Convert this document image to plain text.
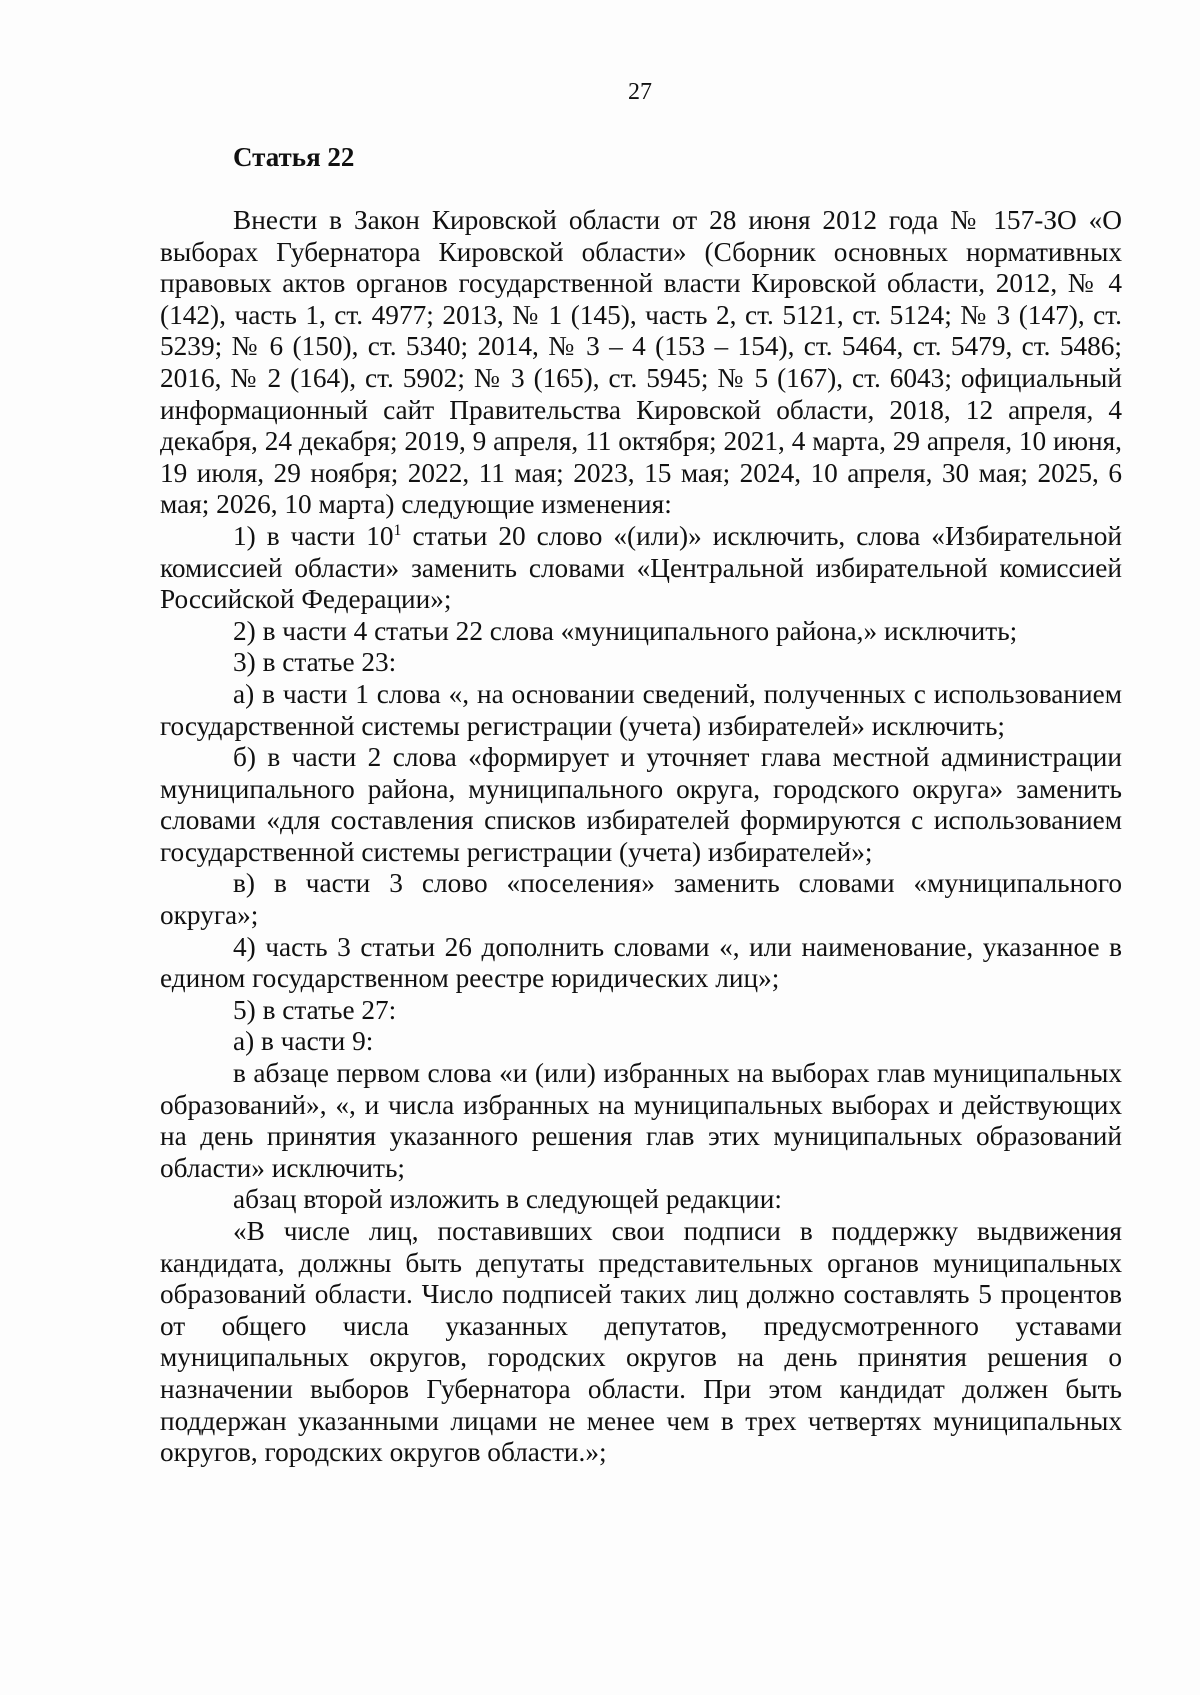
27
Статья 22

Внести в Закон Кировской области от 28 июня 2012 года № 157-ЗО «О выборах Губернатора Кировской области» (Сборник основных нормативных правовых актов органов государственной власти Кировской области, 2012, № 4 (142), часть 1, ст. 4977; 2013, № 1 (145), часть 2, ст. 5121, ст. 5124; № 3 (147), ст. 5239; № 6 (150), ст. 5340; 2014, № 3 – 4 (153 – 154), ст. 5464, ст. 5479, ст. 5486; 2016, № 2 (164), ст. 5902; № 3 (165), ст. 5945; № 5 (167), ст. 6043; официальный информационный сайт Правительства Кировской области, 2018, 12 апреля, 4 декабря, 24 декабря; 2019, 9 апреля, 11 октября; 2021, 4 марта, 29 апреля, 10 июня, 19 июля, 29 ноября; 2022, 11 мая; 2023, 15 мая; 2024, 10 апреля, 30 мая; 2025, 6 мая; 2026, 10 марта) следующие изменения:

1) в части $10^1$ статьи 20 слово «(или)» исключить, слова «Избирательной комиссией области» заменить словами «Центральной избирательной комиссией Российской Федерации»;

2) в части 4 статьи 22 слова «муниципального района,» исключить;

3) в статье 23:

а) в части 1 слова «, на основании сведений, полученных с использованием государственной системы регистрации (учета) избирателей» исключить;

б) в части 2 слова «формирует и уточняет глава местной администрации муниципального района, муниципального округа, городского округа» заменить словами «для составления списков избирателей формируются с использованием государственной системы регистрации (учета) избирателей»;

в) в части 3 слово «поселения» заменить словами «муниципального округа»;

4) часть 3 статьи 26 дополнить словами «, или наименование, указанное в едином государственном реестре юридических лиц»;

5) в статье 27:

а) в части 9:

в абзаце первом слова «и (или) избранных на выборах глав муниципальных образований», «, и числа избранных на муниципальных выборах и действующих на день принятия указанного решения глав этих муниципальных образований области» исключить;

абзац второй изложить в следующей редакции:

«В числе лиц, поставивших свои подписи в поддержку выдвижения кандидата, должны быть депутаты представительных органов муниципальных образований области. Число подписей таких лиц должно составлять 5 процентов от общего числа указанных депутатов, предусмотренного уставами муниципальных округов, городских округов на день принятия решения о назначении выборов Губернатора области. При этом кандидат должен быть поддержан указанными лицами не менее чем в трех четвертях муниципальных округов, городских округов области.»;
